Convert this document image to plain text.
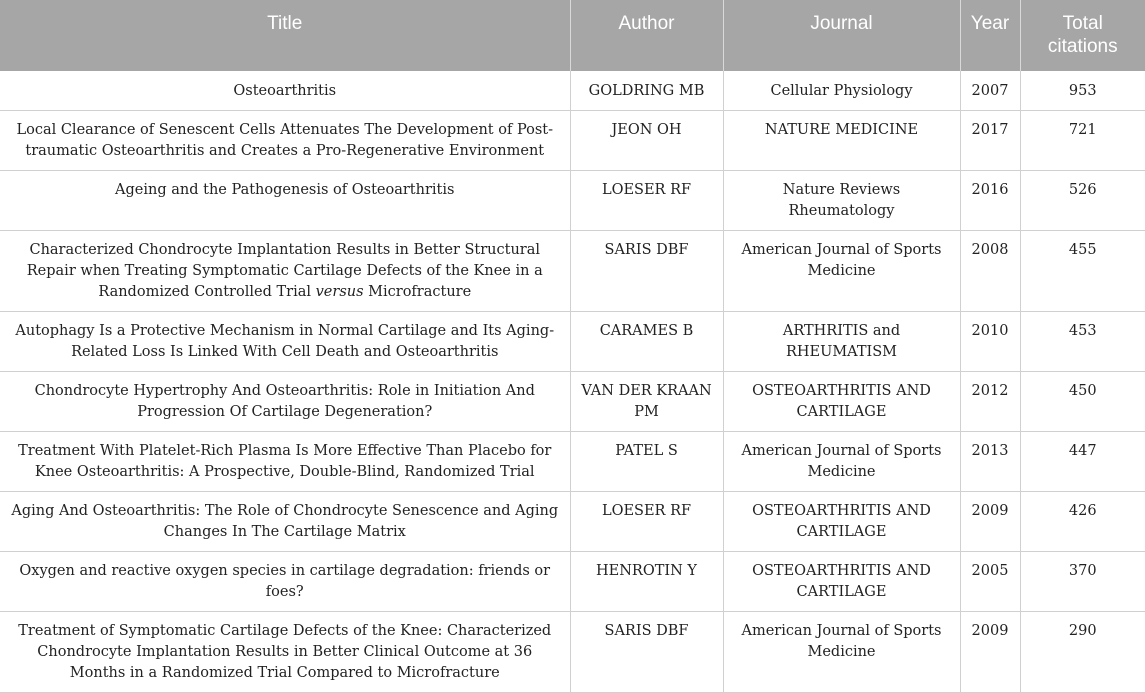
Title	Author	Journal	Year	Total citations
Osteoarthritis	GOLDRING MB	Cellular Physiology	2007	953
Local Clearance of Senescent Cells Attenuates The Development of Post-traumatic Osteoarthritis and Creates a Pro-Regenerative Environment	JEON OH	NATURE MEDICINE	2017	721
Ageing and the Pathogenesis of Osteoarthritis	LOESER RF	Nature Reviews Rheumatology	2016	526
Characterized Chondrocyte Implantation Results in Better Structural Repair when Treating Symptomatic Cartilage Defects of the Knee in a Randomized Controlled Trial versus Microfracture	SARIS DBF	American Journal of Sports Medicine	2008	455
Autophagy Is a Protective Mechanism in Normal Cartilage and Its Aging-Related Loss Is Linked With Cell Death and Osteoarthritis	CARAMES B	ARTHRITIS and RHEUMATISM	2010	453
Chondrocyte Hypertrophy And Osteoarthritis: Role in Initiation And Progression Of Cartilage Degeneration?	VAN DER KRAAN PM	OSTEOARTHRITIS AND CARTILAGE	2012	450
Treatment With Platelet-Rich Plasma Is More Effective Than Placebo for Knee Osteoarthritis: A Prospective, Double-Blind, Randomized Trial	PATEL S	American Journal of Sports Medicine	2013	447
Aging And Osteoarthritis: The Role of Chondrocyte Senescence and Aging Changes In The Cartilage Matrix	LOESER RF	OSTEOARTHRITIS AND CARTILAGE	2009	426
Oxygen and reactive oxygen species in cartilage degradation: friends or foes?	HENROTIN Y	OSTEOARTHRITIS AND CARTILAGE	2005	370
Treatment of Symptomatic Cartilage Defects of the Knee: Characterized Chondrocyte Implantation Results in Better Clinical Outcome at 36 Months in a Randomized Trial Compared to Microfracture	SARIS DBF	American Journal of Sports Medicine	2009	290
